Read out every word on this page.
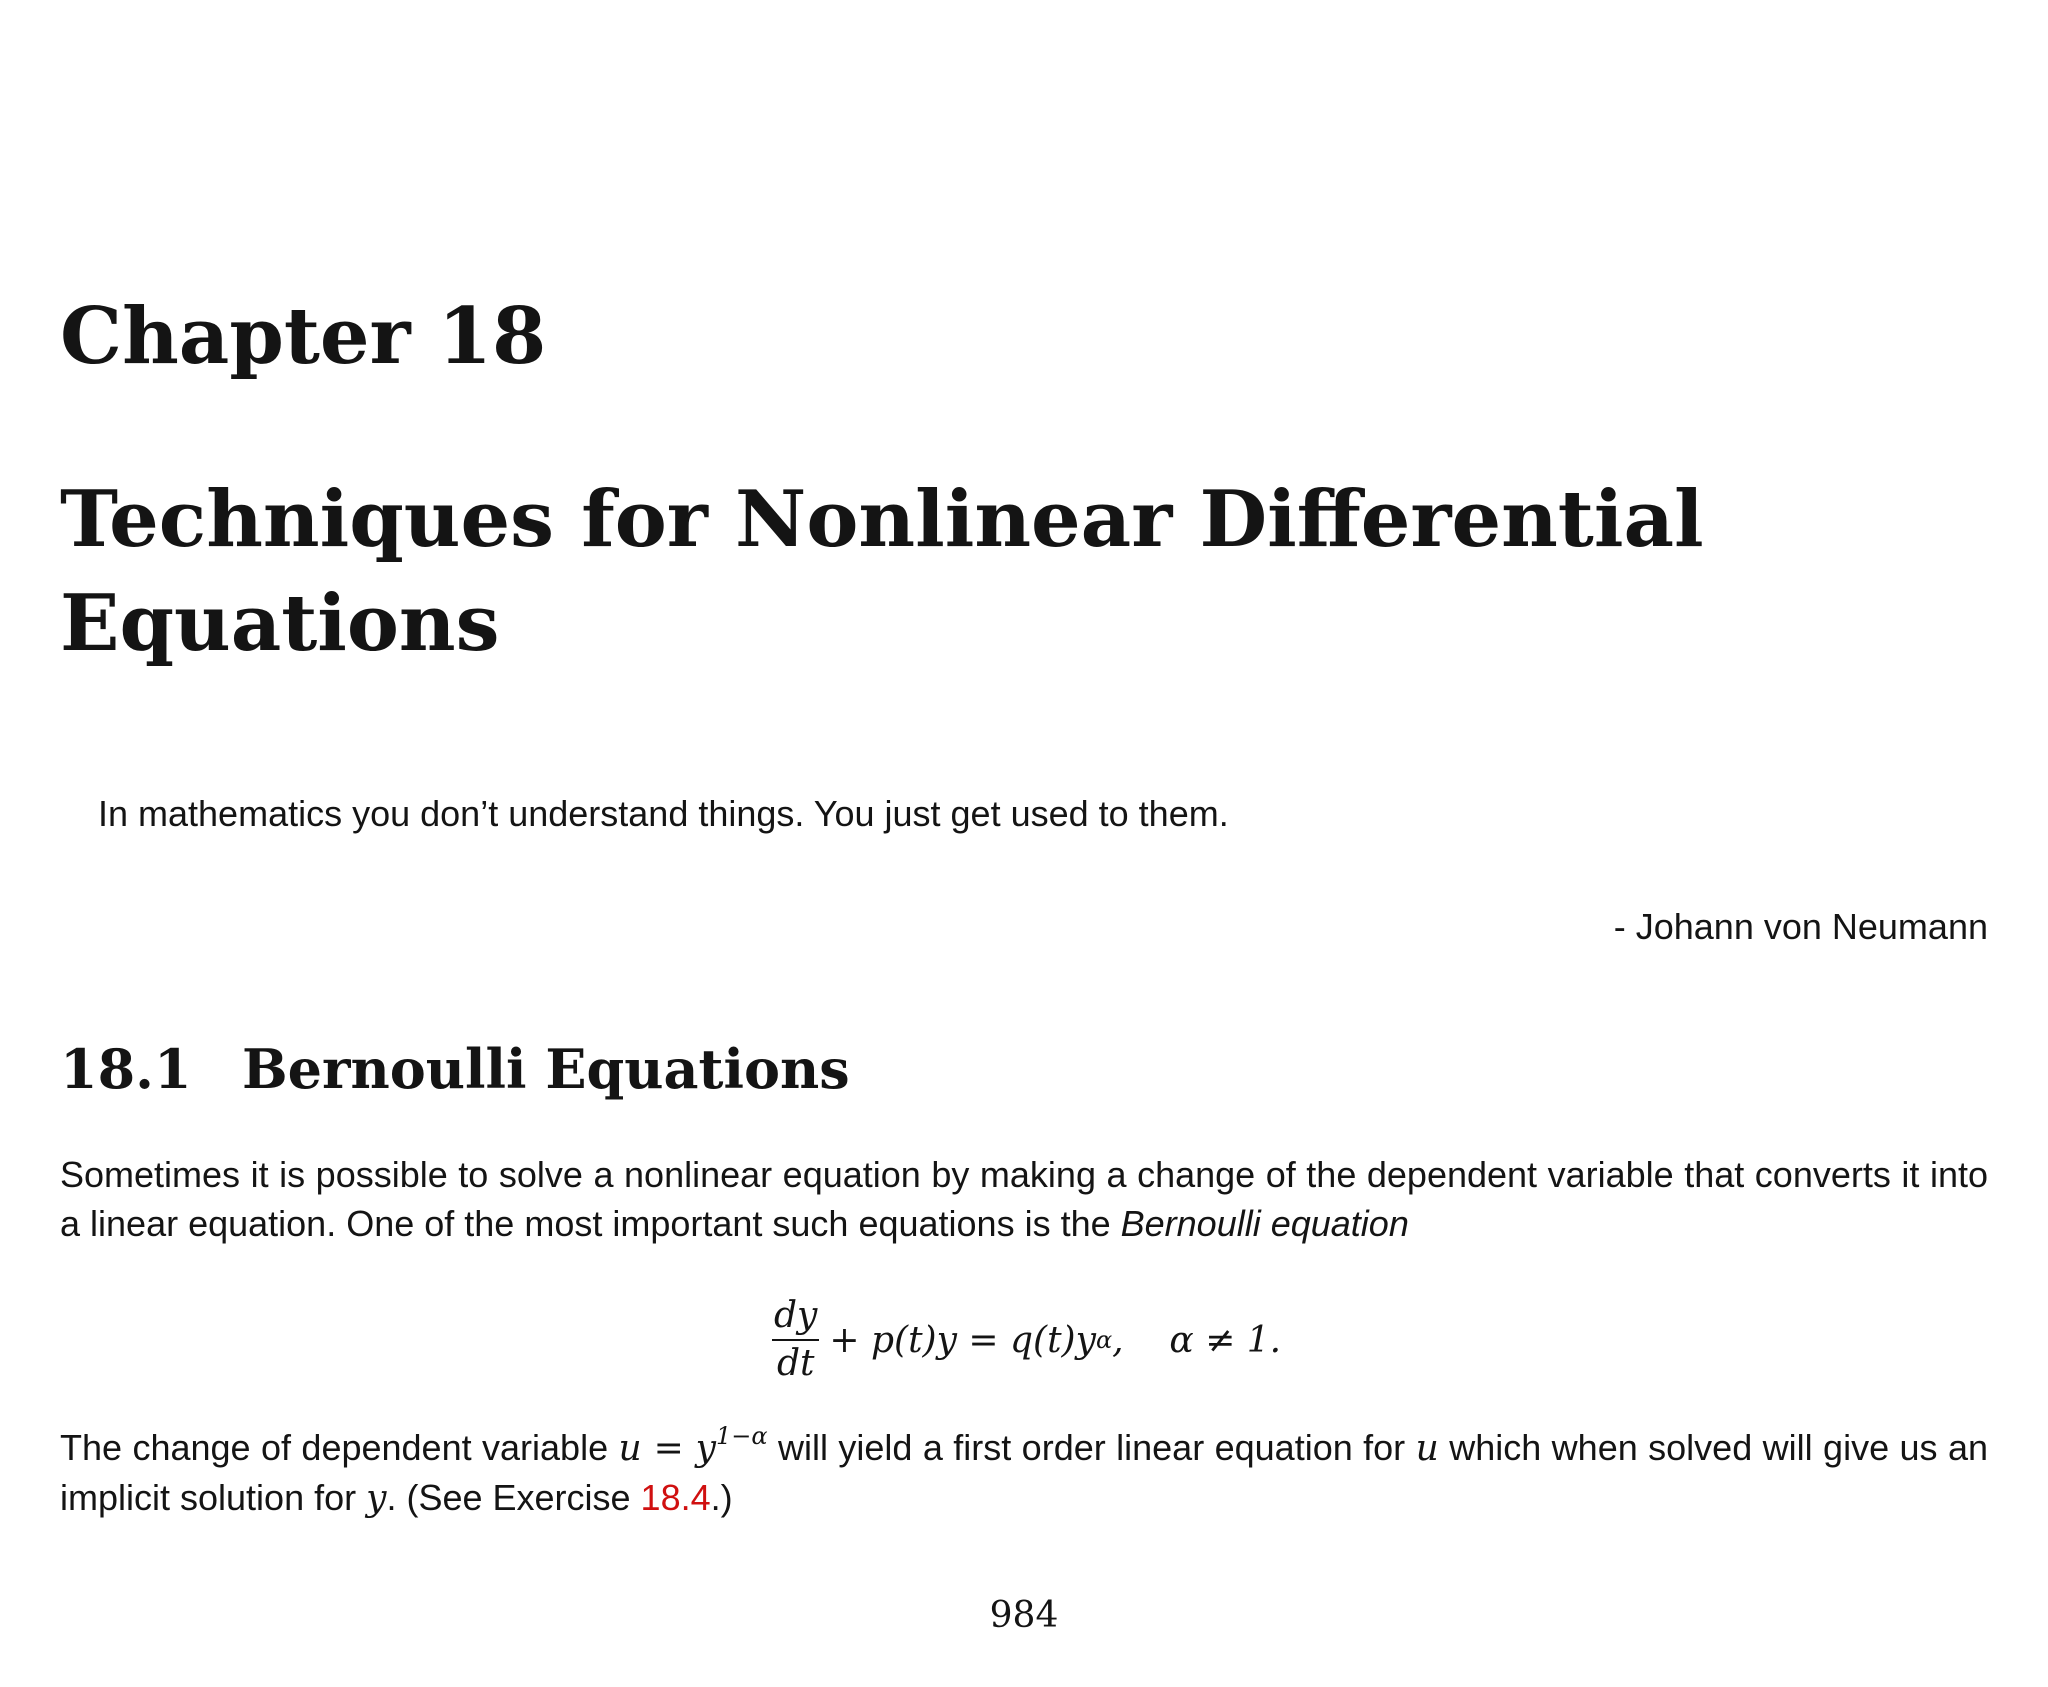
Chapter 18
Techniques for Nonlinear Differential Equations

In mathematics you don’t understand things. You just get used to them.

- Johann von Neumann

18.1 Bernoulli Equations

Sometimes it is possible to solve a nonlinear equation by making a change of the dependent variable that converts it into a linear equation. One of the most important such equations is the Bernoulli equation

$\frac{dy}{dt} + p(t)y = q(t)y$ α ,    α ≠ 1.

The change of dependent variable $u = y^{1-\alpha}$ will yield a first order linear equation for u which when solved will give us an implicit solution for y. (See Exercise 18.4.)

984
